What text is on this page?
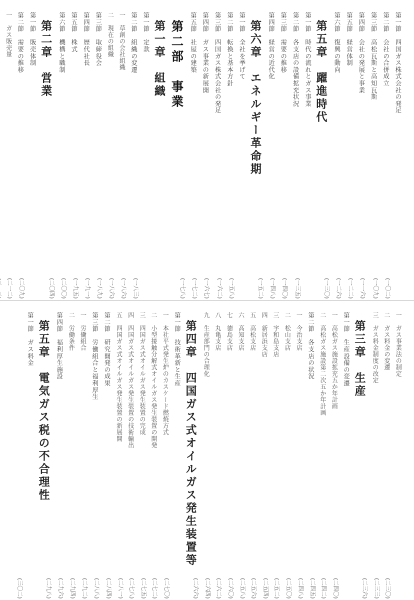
第一節　四国ガス株式会社の発足
(一〇二)
第二節　会社の合併成立
(一〇九)
第三節　高松瓦斯と高知瓦斯
(一一六)
第四節　会社の発展と事業
(一二二)
第五節　経営体制
(一二六)
第六節　復興の動向
(一三〇)
第五章　躍進時代
第一節　時代の流れとガス事業
(一三五)
第二節　各支店の設備拡充状況
(一四〇)
第三節　需要の推移
(一四八)
第四節　経営の近代化
(一五二)
第六章　エネルギー革命期
第一節　全社を挙げて
(一五八)
第二節　転換と基本方針
(一六二)
第三節　四国ガス株式会社の発足
(一六七)
第四節　ガス事業の新展開
(一七二)
第五節　社屋の建築
(一七八)
第二部　事業
第一章　組織
第一節　定款
(一八三)
第二節　組織の変遷
(一八六)
一　草創の会社組織
(一八六)
二　現在の組織
(一八九)
第三節　取締役会
(一九一)
第四節　歴代社長
(一九五)
第五節　株式
(二〇〇)
第六節　機構と職制
(二〇四)
第二章　営業
第一節　販売体制
(二〇九)
第二節　需要の推移
(二一二)
一　ガス販売量
一　ガス事業法の制定
(二三〇)
二　ガス料金の変遷
(二三三)
三　ガス料金制度の改定
(二三六)
第三章　生産
第一節　生産設備の変遷
(二四〇)
一　高松ガス施設拡充五か年計画
(二四二)
二　高松ガス施設第二次五か年計画
(二四五)
第二節　各支店の状況
(二四八)
一　今治支店
(二五〇)
二　松山支店
(二五二)
三　宇和島支店
(二五四)
四　新居浜支店
(二五六)
五　高松支店
(二五八)
六　高知支店
(二六〇)
七　徳島支店
(二六二)
八　丸亀支店
(二六四)
九　生産部門の合理化
(二六六)
第四章　四国ガス式オイルガス発生装置等
第一節　技術革新と生産
(二七〇)
一　本社平式発生炉のカスケード燃焼方式
(二七二)
二　小型接触分解式オイルガス発生装置の開発
(二七五)
三　四国ガス式オイルガス発生装置の完成
(二七八)
四　四国ガス式オイルガス発生装置の技術輸出
(二八一)
五　四国ガス式オイルガス発生装置の新展開
(二八四)
第二節　研究開発の成果
(二八八)
第三節　労働組合と福利厚生
(二九二)
一　労働組合
(二九四)
二　労働条件
(二九六)
第四節　福利厚生施設
(二九八)
第五章　電気ガス税の不合理性
第一節　ガス料金
(三〇二)
